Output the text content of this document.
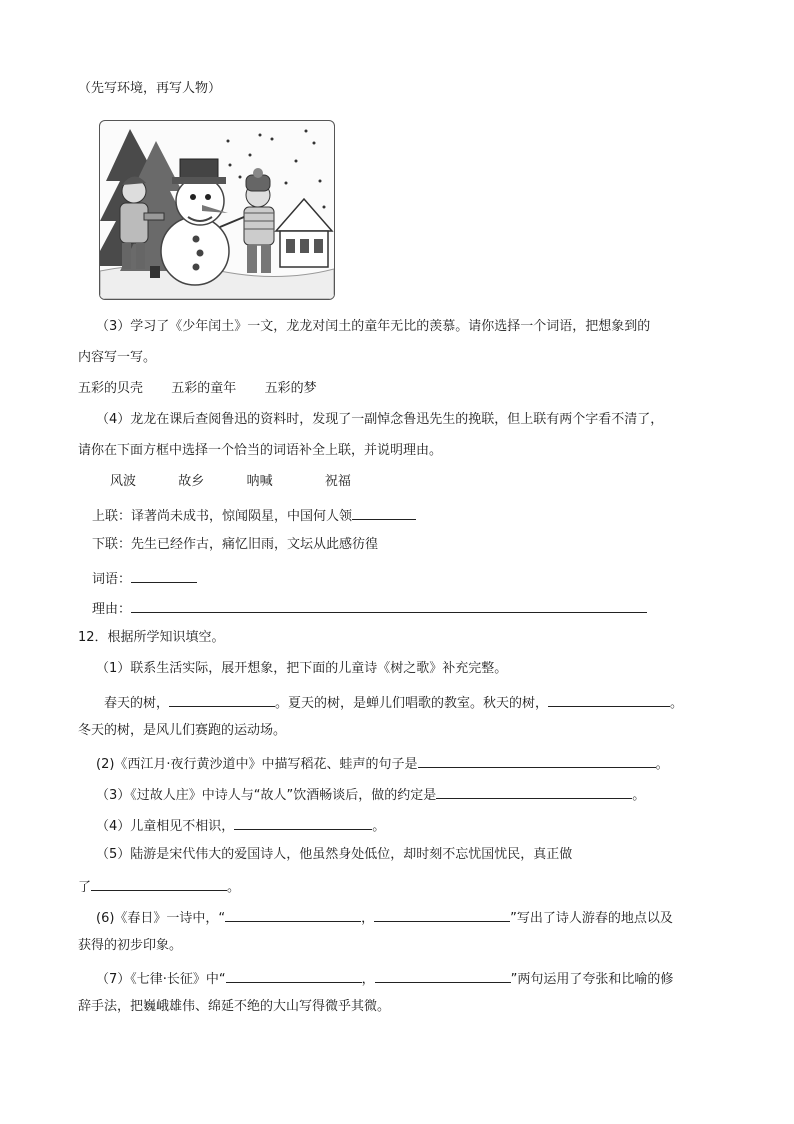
（先写环境，再写人物）
（3）学习了《少年闰土》一文，龙龙对闰土的童年无比的羡慕。请你选择一个词语，把想象到的
内容写一写。
五彩的贝壳 五彩的童年 五彩的梦
（4）龙龙在课后查阅鲁迅的资料时，发现了一副悼念鲁迅先生的挽联，但上联有两个字看不清了，
请你在下面方框中选择一个恰当的词语补全上联，并说明理由。
风波	故乡	呐喊	祝福
上联：译著尚未成书，惊闻陨星，中国何人领
下联：先生已经作古，痛忆旧雨，文坛从此感彷徨
词语：
理由：
12．根据所学知识填空。
（1）联系生活实际，展开想象，把下面的儿童诗《树之歌》补充完整。
春天的树，	。夏天的树，是蝉儿们唱歌的教室。秋天的树，	。
冬天的树，是风儿们赛跑的运动场。
(2)《西江月·夜行黄沙道中》中描写稻花、蛙声的句子是	。
（3）《过故人庄》中诗人与“故人”饮酒畅谈后，做的约定是	。
（4）儿童相见不相识，	。
（5）陆游是宋代伟大的爱国诗人，他虽然身处低位，却时刻不忘忧国忧民，真正做
了	。
(6)《春日》一诗中，“	，	”写出了诗人游春的地点以及
获得的初步印象。
（7）《七律·长征》中“	，	”两句运用了夸张和比喻的修
辞手法，把巍峨雄伟、绵延不绝的大山写得微乎其微。
